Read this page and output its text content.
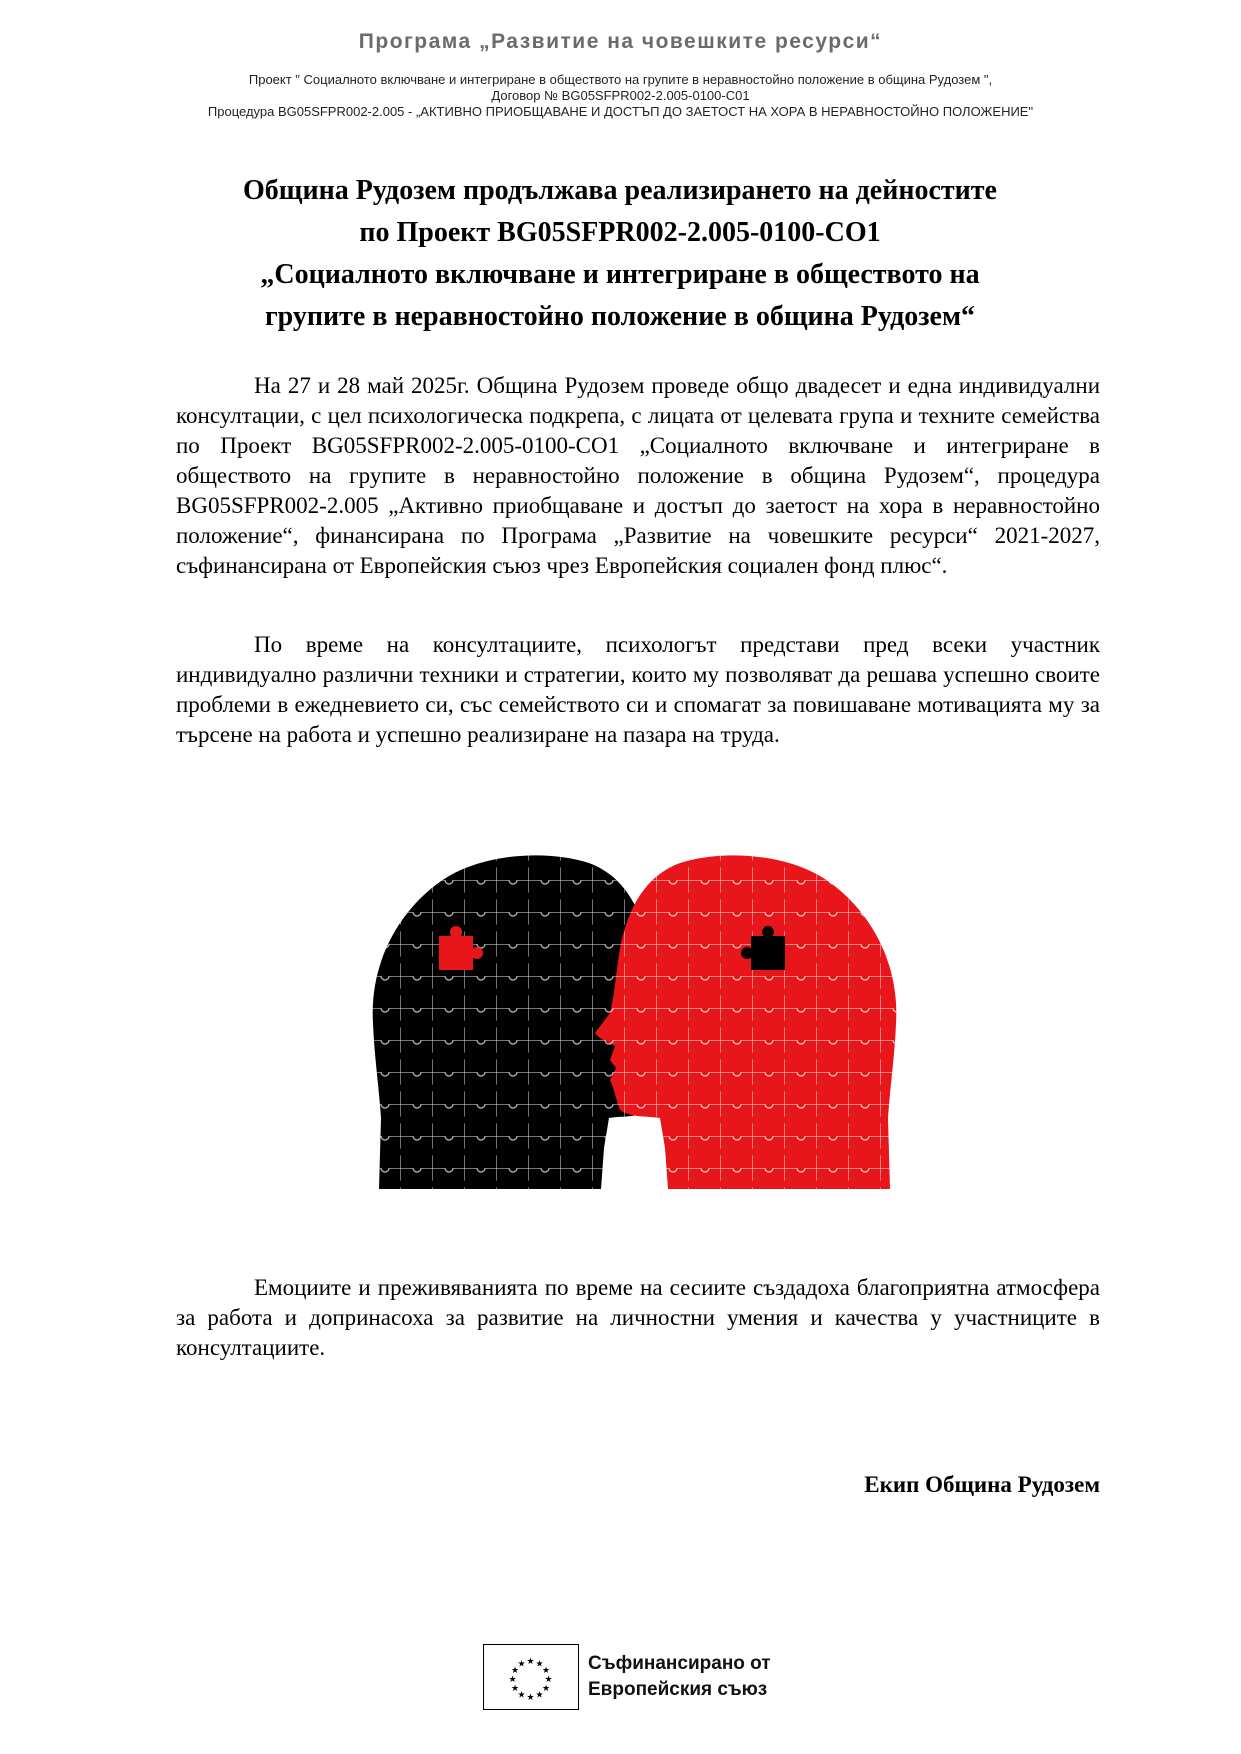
Програма „Развитие на човешките ресурси“
Проект " Социалното включване и интегриране в обществото на групите в неравностойно положение в община Рудозем ",
Договор № BG05SFPR002-2.005-0100-C01
Процедура BG05SFPR002-2.005 - „АКТИВНО ПРИОБЩАВАНЕ И ДОСТЪП ДО ЗАЕТОСТ НА ХОРА В НЕРАВНОСТОЙНО ПОЛОЖЕНИЕ"
Община Рудозем продължава реализирането на дейностите
по Проект BG05SFPR002-2.005-0100-CO1
„Социалното включване и интегриране в обществото на
групите в неравностойно положение в община Рудозем“

На 27 и 28 май 2025г. Община Рудозем проведе общо двадесет и една индивидуални консултации, с цел психологическа подкрепа, с лицата от целевата група и техните семейства по Проект BG05SFPR002-2.005-0100-CO1 „Социалното включване и интегриране в обществото на групите в неравностойно положение в община Рудозем“, процедура BG05SFPR002-2.005 „Активно приобщаване и достъп до заетост на хора в неравностойно положение“, финансирана по Програма „Развитие на човешките ресурси“ 2021-2027, съфинансирана от Европейския съюз чрез Европейския социален фонд плюс“.

По време на консултациите, психологът представи пред всеки участник индивидуално различни техники и стратегии, които му позволяват да решава успешно своите проблеми в ежедневието си, със семейството си и спомагат за повишаване мотивацията му за търсене на работа и успешно реализиране на пазара на труда.

Емоциите и преживяванията по време на сесиите създадоха благоприятна атмосфера за работа и допринасоха за развитие на личностни умения и качества у участниците в консултациите.

Екип Община Рудозем
★ ★
★
★
★
★
★
★
★
★
★
★	Съфинансирано от
Европейския съюз
